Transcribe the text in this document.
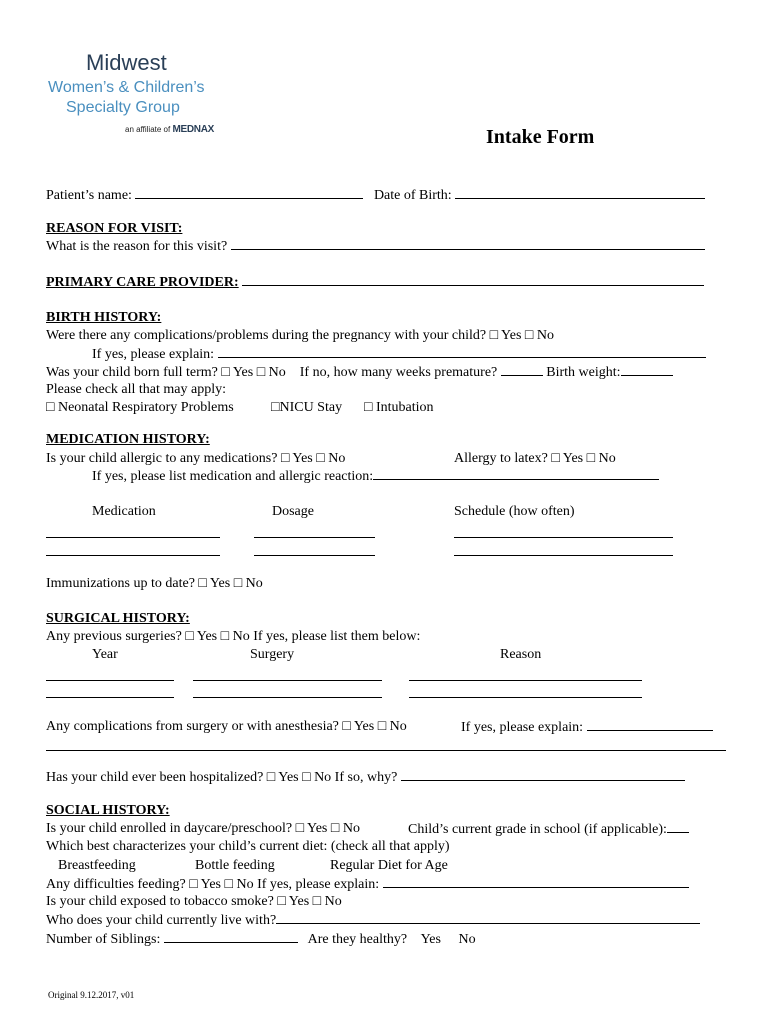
Midwest
Women’s & Children’s
Specialty Group
an affiliate of MEDNAX	Intake Form
Patient’s name:	Date of Birth:
REASON FOR VISIT:
What is the reason for this visit?
PRIMARY CARE PROVIDER:
BIRTH HISTORY:
Were there any complications/problems during the pregnancy with your child? □ Yes □ No
If yes, please explain:
Was your child born full term? □ Yes □ No If no, how many weeks premature?	Birth weight:
Please check all that may apply:
□ Neonatal Respiratory Problems	□NICU Stay □ Intubation
MEDICATION HISTORY:
Is your child allergic to any medications? □ Yes □ No	Allergy to latex? □ Yes □ No
If yes, please list medication and allergic reaction:
Medication	Dosage	Schedule (how often)
Immunizations up to date? □ Yes □ No
SURGICAL HISTORY:
Any previous surgeries? □ Yes □ No If yes, please list them below:
Year	Surgery	Reason
Any complications from surgery or with anesthesia? □ Yes □ No	If yes, please explain:
Has your child ever been hospitalized? □ Yes □ No If so, why?
SOCIAL HISTORY:
Is your child enrolled in daycare/preschool? □ Yes □ No	Child’s current grade in school (if applicable):
Which best characterizes your child’s current diet: (check all that apply)
Breastfeeding	Bottle feeding	Regular Diet for Age
Any difficulties feeding? □ Yes □ No If yes, please explain:
Is your child exposed to tobacco smoke? □ Yes □ No
Who does your child currently live with?
Number of Siblings:	Are they healthy? Yes No
Original 9.12.2017, v01
